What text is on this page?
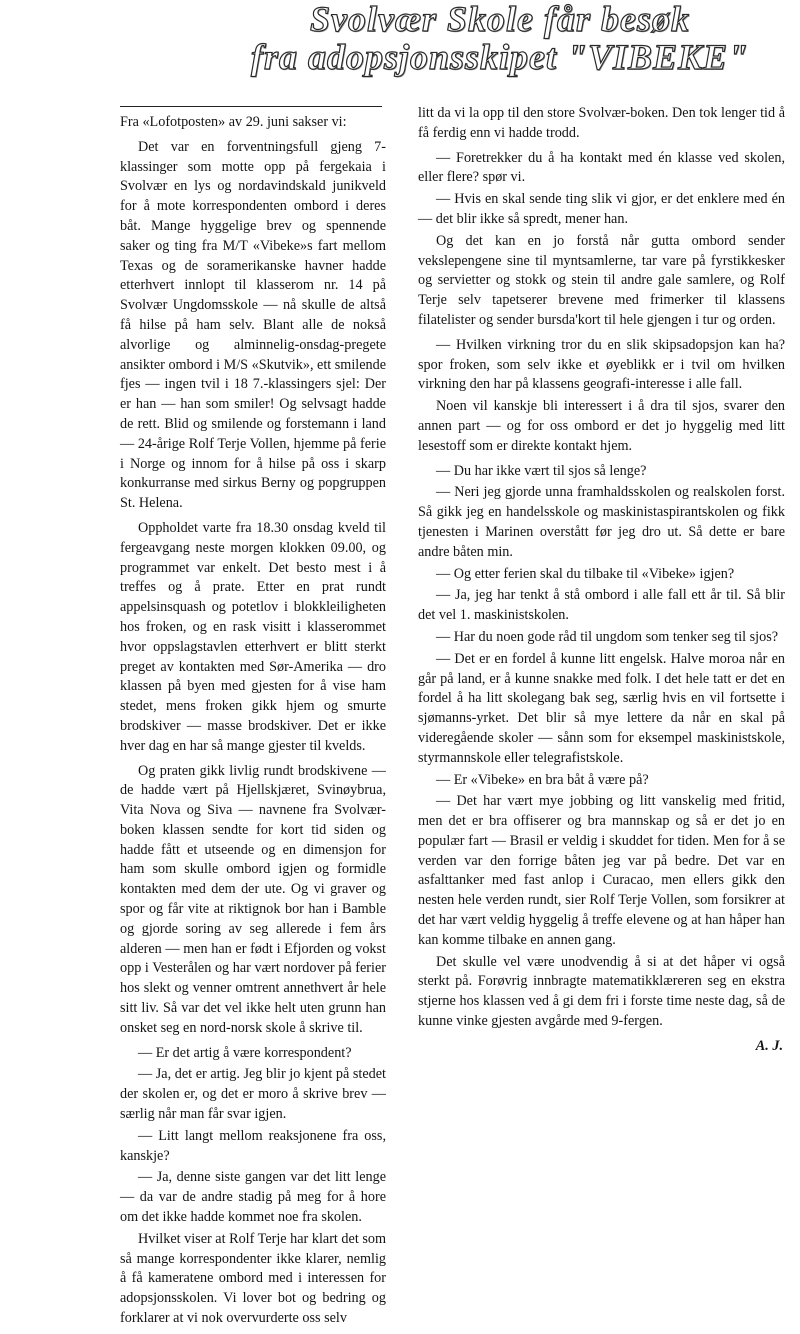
Svolvær Skole får besøk
fra adopsjonsskipet "VIBEKE"

Fra «Lofotposten» av 29. juni sakser vi:

Det var en forventningsfull gjeng 7-klassinger som motte opp på fergekaia i Svolvær en lys og nordavindskald junikveld for å mote korrespondenten ombord i deres båt. Mange hyggelige brev og spennende saker og ting fra M/T «Vibeke»s fart mellom Texas og de soramerikanske havner hadde etterhvert innlopt til klasserom nr. 14 på Svolvær Ungdomsskole — nå skulle de altså få hilse på ham selv. Blant alle de nokså alvorlige og alminnelig-onsdag-pregete ansikter ombord i M/S «Skutvik», ett smilende fjes — ingen tvil i 18 7.-klassingers sjel: Der er han — han som smiler! Og selvsagt hadde de rett. Blid og smilende og forstemann i land — 24-årige Rolf Terje Vollen, hjemme på ferie i Norge og innom for å hilse på oss i skarp konkurranse med sirkus Berny og popgruppen St. Helena.

Oppholdet varte fra 18.30 onsdag kveld til fergeavgang neste morgen klokken 09.00, og programmet var enkelt. Det besto mest i å treffes og å prate. Etter en prat rundt appelsinsquash og potetlov i blokkleiligheten hos froken, og en rask visitt i klasserommet hvor oppslagstavlen etterhvert er blitt sterkt preget av kontakten med Sør-Amerika — dro klassen på byen med gjesten for å vise ham stedet, mens froken gikk hjem og smurte brodskiver — masse brodskiver. Det er ikke hver dag en har så mange gjester til kvelds.

Og praten gikk livlig rundt brodskivene — de hadde vært på Hjellskjæret, Svinøybrua, Vita Nova og Siva — navnene fra Svolvær-boken klassen sendte for kort tid siden og hadde fått et utseende og en dimensjon for ham som skulle ombord igjen og formidle kontakten med dem der ute. Og vi graver og spor og får vite at riktignok bor han i Bamble og gjorde soring av seg allerede i fem års alderen — men han er født i Efjorden og vokst opp i Vesterålen og har vært nordover på ferier hos slekt og venner omtrent annethvert år hele sitt liv. Så var det vel ikke helt uten grunn han onsket seg en nord-norsk skole å skrive til.

— Er det artig å være korrespondent?

— Ja, det er artig. Jeg blir jo kjent på stedet der skolen er, og det er moro å skrive brev — særlig når man får svar igjen.

— Litt langt mellom reaksjonene fra oss, kanskje?

— Ja, denne siste gangen var det litt lenge — da var de andre stadig på meg for å hore om det ikke hadde kommet noe fra skolen.

Hvilket viser at Rolf Terje har klart det som så mange korrespondenter ikke klarer, nemlig å få kameratene ombord med i interessen for adopsjonsskolen. Vi lover bot og bedring og forklarer at vi nok overvurderte oss selv

litt da vi la opp til den store Svolvær-boken. Den tok lenger tid å få ferdig enn vi hadde trodd.

— Foretrekker du å ha kontakt med én klasse ved skolen, eller flere? spør vi.

— Hvis en skal sende ting slik vi gjor, er det enklere med én — det blir ikke så spredt, mener han.

Og det kan en jo forstå når gutta ombord sender vekslepengene sine til myntsamlerne, tar vare på fyrstikkesker og servietter og stokk og stein til andre gale samlere, og Rolf Terje selv tapetserer brevene med frimerker til klassens filatelister og sender bursda'kort til hele gjengen i tur og orden.

— Hvilken virkning tror du en slik skipsadopsjon kan ha? spor froken, som selv ikke et øyeblikk er i tvil om hvilken virkning den har på klassens geografi-interesse i alle fall.

Noen vil kanskje bli interessert i å dra til sjos, svarer den annen part — og for oss ombord er det jo hyggelig med litt lesestoff som er direkte kontakt hjem.

— Du har ikke vært til sjos så lenge?

— Neri jeg gjorde unna framhaldsskolen og realskolen forst. Så gikk jeg en handelsskole og maskinistaspirantskolen og fikk tjenesten i Marinen overstått før jeg dro ut. Så dette er bare andre båten min.

— Og etter ferien skal du tilbake til «Vibeke» igjen?

— Ja, jeg har tenkt å stå ombord i alle fall ett år til. Så blir det vel 1. maskinistskolen.

— Har du noen gode råd til ungdom som tenker seg til sjos?

— Det er en fordel å kunne litt engelsk. Halve moroa når en går på land, er å kunne snakke med folk. I det hele tatt er det en fordel å ha litt skolegang bak seg, særlig hvis en vil fortsette i sjømanns-yrket. Det blir så mye lettere da når en skal på videregående skoler — sånn som for eksempel maskinistskole, styrmannskole eller telegrafistskole.

— Er «Vibeke» en bra båt å være på?

— Det har vært mye jobbing og litt vanskelig med fritid, men det er bra offiserer og bra mannskap og så er det jo en populær fart — Brasil er veldig i skuddet for tiden. Men for å se verden var den forrige båten jeg var på bedre. Det var en asfalttanker med fast anlop i Curacao, men ellers gikk den nesten hele verden rundt, sier Rolf Terje Vollen, som forsikrer at det har vært veldig hyggelig å treffe elevene og at han håper han kan komme tilbake en annen gang.

Det skulle vel være unodvendig å si at det håper vi også sterkt på. Forøvrig innbragte matematikklæreren seg en ekstra stjerne hos klassen ved å gi dem fri i forste time neste dag, så de kunne vinke gjesten avgårde med 9-fergen.

A. J.
